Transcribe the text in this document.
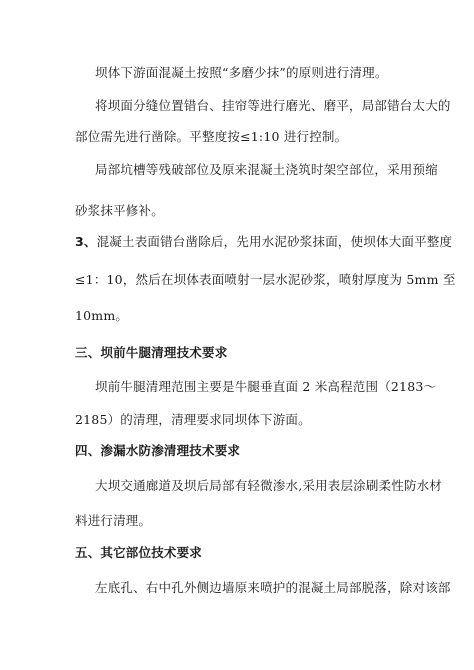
坝体下游面混凝土按照“多磨少抹”的原则进行清理。
将坝面分缝位置错台、挂帘等进行磨光、磨平，局部错台太大的
部位需先进行凿除。平整度按≤1:10 进行控制。
局部坑槽等残破部位及原来混凝土浇筑时架空部位，采用预缩
砂浆抹平修补。
3、混凝土表面错台凿除后，先用水泥砂浆抹面，使坝体大面平整度
≤1：10，然后在坝体表面喷射一层水泥砂浆，喷射厚度为 5mm 至
10mm。
三、坝前牛腿清理技术要求
坝前牛腿清理范围主要是牛腿垂直面 2 米高程范围（2183～
2185）的清理，清理要求同坝体下游面。
四、渗漏水防渗清理技术要求
大坝交通廊道及坝后局部有轻微渗水,采用表层涂刷柔性防水材
料进行清理。
五、其它部位技术要求
左底孔、右中孔外侧边墙原来喷护的混凝土局部脱落，除对该部
